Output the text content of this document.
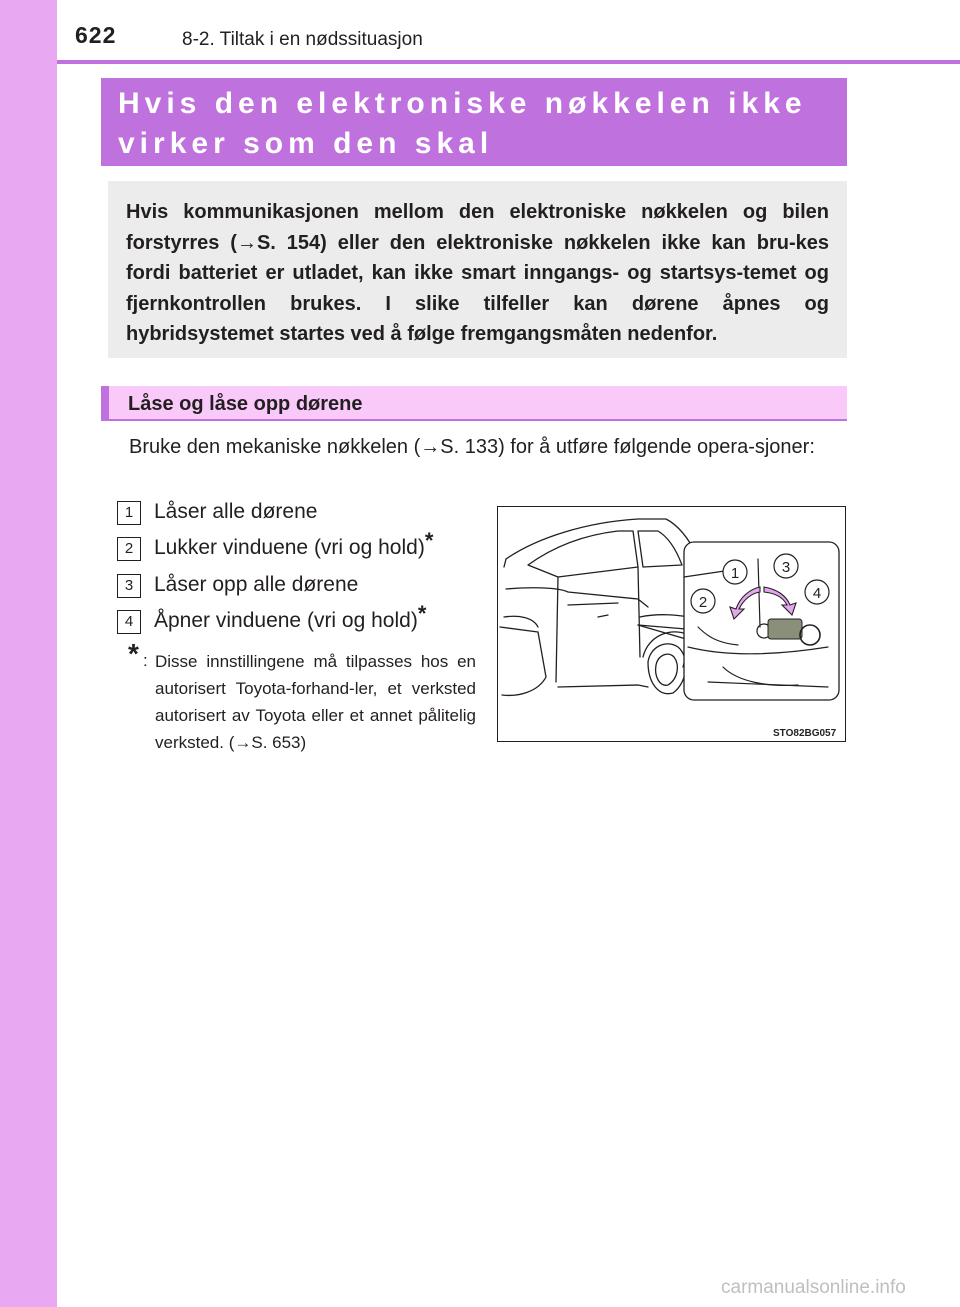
622	8-2. Tiltak i en nødssituasjon
Hvis den elektroniske nøkkelen ikke
virker som den skal
Hvis kommunikasjonen mellom den elektroniske nøkkelen og bilen forstyrres (→S. 154) eller den elektroniske nøkkelen ikke kan bru-kes fordi batteriet er utladet, kan ikke smart inngangs- og startsys-temet og fjernkontrollen brukes. I slike tilfeller kan dørene åpnes og hybridsystemet startes ved å følge fremgangsmåten nedenfor.
Låse og låse opp dørene
Bruke den mekaniske nøkkelen (→S. 133) for å utføre følgende opera-sjoner:
1 Låser alle dørene
2 Lukker vinduene (vri og hold)*
3 Låser opp alle dørene
4 Åpner vinduene (vri og hold)*
* : Disse innstillingene må tilpasses hos en autorisert Toyota-forhand-ler, et verksted autorisert av Toyota eller et annet pålitelig verksted. (→S. 653)
1
2
3
4
STO82BG057
carmanualsonline.info
